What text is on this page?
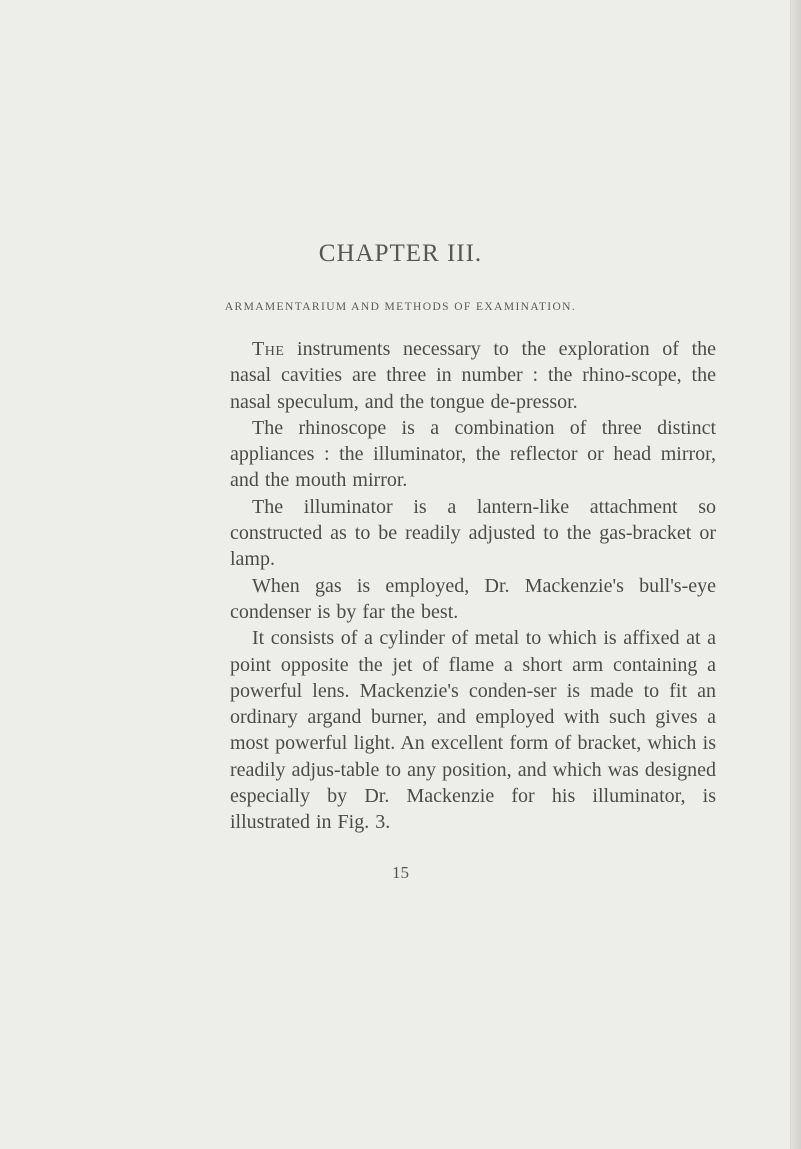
CHAPTER III.
ARMAMENTARIUM AND METHODS OF EXAMINATION.

The instruments necessary to the exploration of the nasal cavities are three in number : the rhino-scope, the nasal speculum, and the tongue de-pressor.

The rhinoscope is a combination of three distinct appliances : the illuminator, the reflector or head mirror, and the mouth mirror.

The illuminator is a lantern-like attachment so constructed as to be readily adjusted to the gas-bracket or lamp.

When gas is employed, Dr. Mackenzie's bull's-eye condenser is by far the best.

It consists of a cylinder of metal to which is affixed at a point opposite the jet of flame a short arm containing a powerful lens. Mackenzie's conden-ser is made to fit an ordinary argand burner, and employed with such gives a most powerful light. An excellent form of bracket, which is readily adjus-table to any position, and which was designed especially by Dr. Mackenzie for his illuminator, is illustrated in Fig. 3.

15
